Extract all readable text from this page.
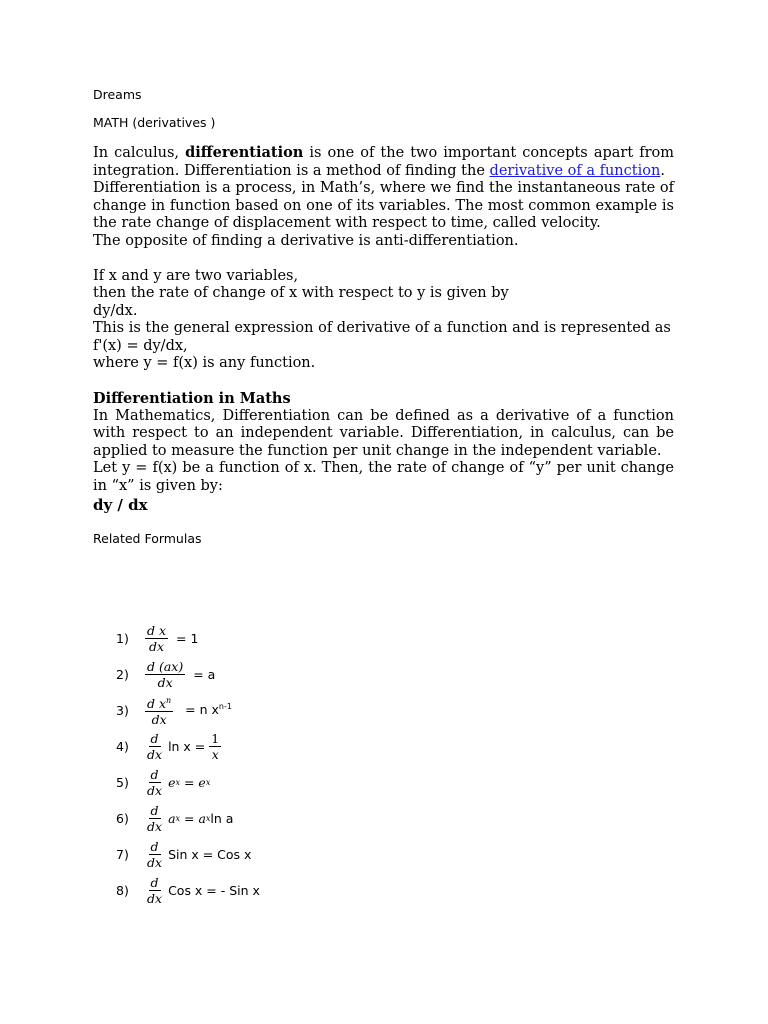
Dreams
MATH (derivatives )
In calculus, differentiation is one of the two important concepts apart from integration. Differentiation is a method of finding the derivative of a function.
Differentiation is a process, in Math’s, where we find the instantaneous rate of change in function based on one of its variables. The most common example is the rate change of displacement with respect to time, called velocity.
The opposite of finding a derivative is anti-differentiation.
If x and y are two variables,
then the rate of change of x with respect to y is given by
dy/dx.
This is the general expression of derivative of a function and is represented as
f'(x) = dy/dx,
where y = f(x) is any function.
Differentiation in Maths
In Mathematics, Differentiation can be defined as a derivative of a function with respect to an independent variable. Differentiation, in calculus, can be applied to measure the function per unit change in the independent variable.
Let y = f(x) be a function of x. Then, the rate of change of “y” per unit change in “x” is given by:
dy / dx
Related Formulas
1)	$\frac{\text{d x}}{dx} = 1$
2)	$\frac{d (ax)}{dx} = a$
3)	$\frac{d x^n}{dx} = n$ $x^{n-1}$
4)	$\frac{d}{dx}$ $\ln x = \frac{1}{x}$
5)	$\frac{d}{dx}$ e x = e x
6)	$\frac{d}{dx}$ a x = a x ln a
7)	$\frac{d}{dx}$ Sin x = Cos x
8)	$\frac{d}{dx}$ Cos x = - Sin x
